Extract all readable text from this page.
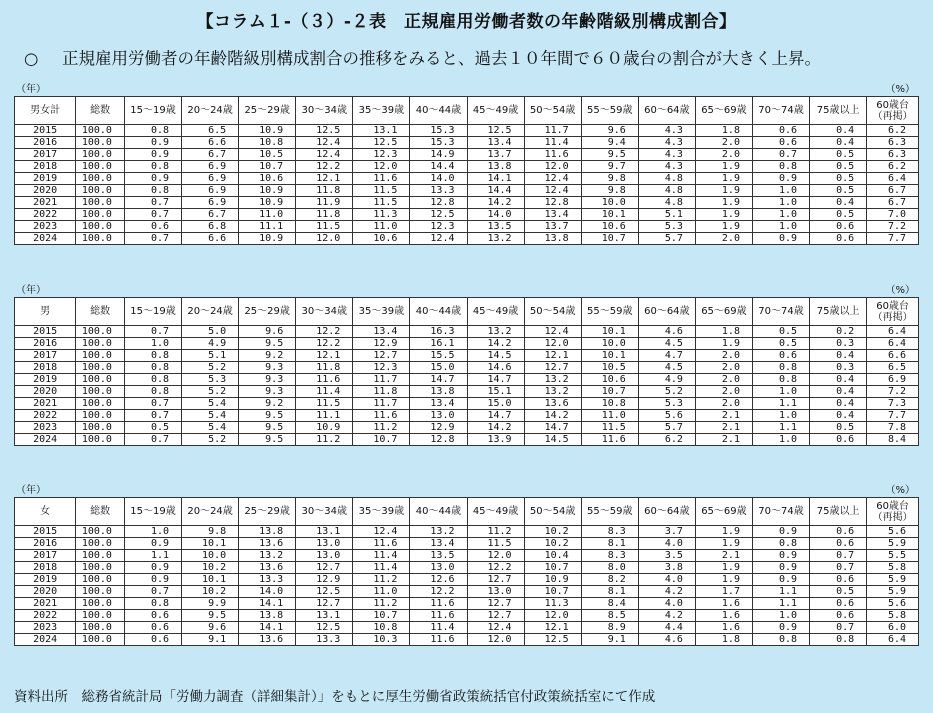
【コラム１-（３）-２表　正規雇用労働者数の年齢階級別構成割合】
○ 正規雇用労働者の年齢階級別構成割合の推移をみると、過去１０年間で６０歳台の割合が大きく上昇。
（年）	（%）
男女計	総数	15～19歳	20～24歳	25～29歳	30～34歳	35～39歳	40～44歳	45～49歳	50～54歳	55～59歳	60～64歳	65～69歳	70～74歳	75歳以上	60歳台
（再掲）
2015	100.0	0.8	6.5	10.9	12.5	13.1	15.3	12.5	11.7	9.6	4.3	1.8	0.6	0.4	6.2
2016	100.0	0.9	6.6	10.8	12.4	12.5	15.3	13.4	11.4	9.4	4.3	2.0	0.6	0.4	6.3
2017	100.0	0.9	6.7	10.5	12.4	12.3	14.9	13.7	11.6	9.5	4.3	2.0	0.7	0.5	6.3
2018	100.0	0.8	6.9	10.7	12.2	12.0	14.4	13.8	12.0	9.7	4.3	1.9	0.8	0.5	6.2
2019	100.0	0.9	6.9	10.6	12.1	11.6	14.0	14.1	12.4	9.8	4.8	1.9	0.9	0.5	6.4
2020	100.0	0.8	6.9	10.9	11.8	11.5	13.3	14.4	12.4	9.8	4.8	1.9	1.0	0.5	6.7
2021	100.0	0.7	6.9	10.9	11.9	11.5	12.8	14.2	12.8	10.0	4.8	1.9	1.0	0.4	6.7
2022	100.0	0.7	6.7	11.0	11.8	11.3	12.5	14.0	13.4	10.1	5.1	1.9	1.0	0.5	7.0
2023	100.0	0.6	6.8	11.1	11.5	11.0	12.3	13.5	13.7	10.6	5.3	1.9	1.0	0.6	7.2
2024	100.0	0.7	6.6	10.9	12.0	10.6	12.4	13.2	13.8	10.7	5.7	2.0	0.9	0.6	7.7
（年）	（%）
男	総数	15～19歳	20～24歳	25～29歳	30～34歳	35～39歳	40～44歳	45～49歳	50～54歳	55～59歳	60～64歳	65～69歳	70～74歳	75歳以上	60歳台
（再掲）
2015	100.0	0.7	5.0	9.6	12.2	13.4	16.3	13.2	12.4	10.1	4.6	1.8	0.5	0.2	6.4
2016	100.0	1.0	4.9	9.5	12.2	12.9	16.1	14.2	12.0	10.0	4.5	1.9	0.5	0.3	6.4
2017	100.0	0.8	5.1	9.2	12.1	12.7	15.5	14.5	12.1	10.1	4.7	2.0	0.6	0.4	6.6
2018	100.0	0.8	5.2	9.3	11.8	12.3	15.0	14.6	12.7	10.5	4.5	2.0	0.8	0.3	6.5
2019	100.0	0.8	5.3	9.3	11.6	11.7	14.7	14.7	13.2	10.6	4.9	2.0	0.8	0.4	6.9
2020	100.0	0.8	5.2	9.3	11.4	11.8	13.8	15.1	13.2	10.7	5.2	2.0	1.0	0.4	7.2
2021	100.0	0.7	5.4	9.2	11.5	11.7	13.4	15.0	13.6	10.8	5.3	2.0	1.1	0.4	7.3
2022	100.0	0.7	5.4	9.5	11.1	11.6	13.0	14.7	14.2	11.0	5.6	2.1	1.0	0.4	7.7
2023	100.0	0.5	5.4	9.5	10.9	11.2	12.9	14.2	14.7	11.5	5.7	2.1	1.1	0.5	7.8
2024	100.0	0.7	5.2	9.5	11.2	10.7	12.8	13.9	14.5	11.6	6.2	2.1	1.0	0.6	8.4
（年）	（%）
女	総数	15～19歳	20～24歳	25～29歳	30～34歳	35～39歳	40～44歳	45～49歳	50～54歳	55～59歳	60～64歳	65～69歳	70～74歳	75歳以上	60歳台
（再掲）
2015	100.0	1.0	9.8	13.8	13.1	12.4	13.2	11.2	10.2	8.3	3.7	1.9	0.9	0.6	5.6
2016	100.0	0.9	10.1	13.6	13.0	11.6	13.4	11.5	10.2	8.1	4.0	1.9	0.8	0.6	5.9
2017	100.0	1.1	10.0	13.2	13.0	11.4	13.5	12.0	10.4	8.3	3.5	2.1	0.9	0.7	5.5
2018	100.0	0.9	10.2	13.6	12.7	11.4	13.0	12.2	10.7	8.0	3.8	1.9	0.9	0.7	5.8
2019	100.0	0.9	10.1	13.3	12.9	11.2	12.6	12.7	10.9	8.2	4.0	1.9	0.9	0.6	5.9
2020	100.0	0.7	10.2	14.0	12.5	11.0	12.2	13.0	10.7	8.1	4.2	1.7	1.1	0.5	5.9
2021	100.0	0.8	9.9	14.1	12.7	11.2	11.6	12.7	11.3	8.4	4.0	1.6	1.1	0.6	5.6
2022	100.0	0.6	9.5	13.8	13.1	10.7	11.6	12.7	12.0	8.5	4.2	1.6	1.0	0.6	5.8
2023	100.0	0.6	9.6	14.1	12.5	10.8	11.4	12.4	12.1	8.9	4.4	1.6	0.9	0.7	6.0
2024	100.0	0.6	9.1	13.6	13.3	10.3	11.6	12.0	12.5	9.1	4.6	1.8	0.8	0.8	6.4
資料出所　総務省統計局「労働力調査（詳細集計）」をもとに厚生労働省政策統括官付政策統括室にて作成
